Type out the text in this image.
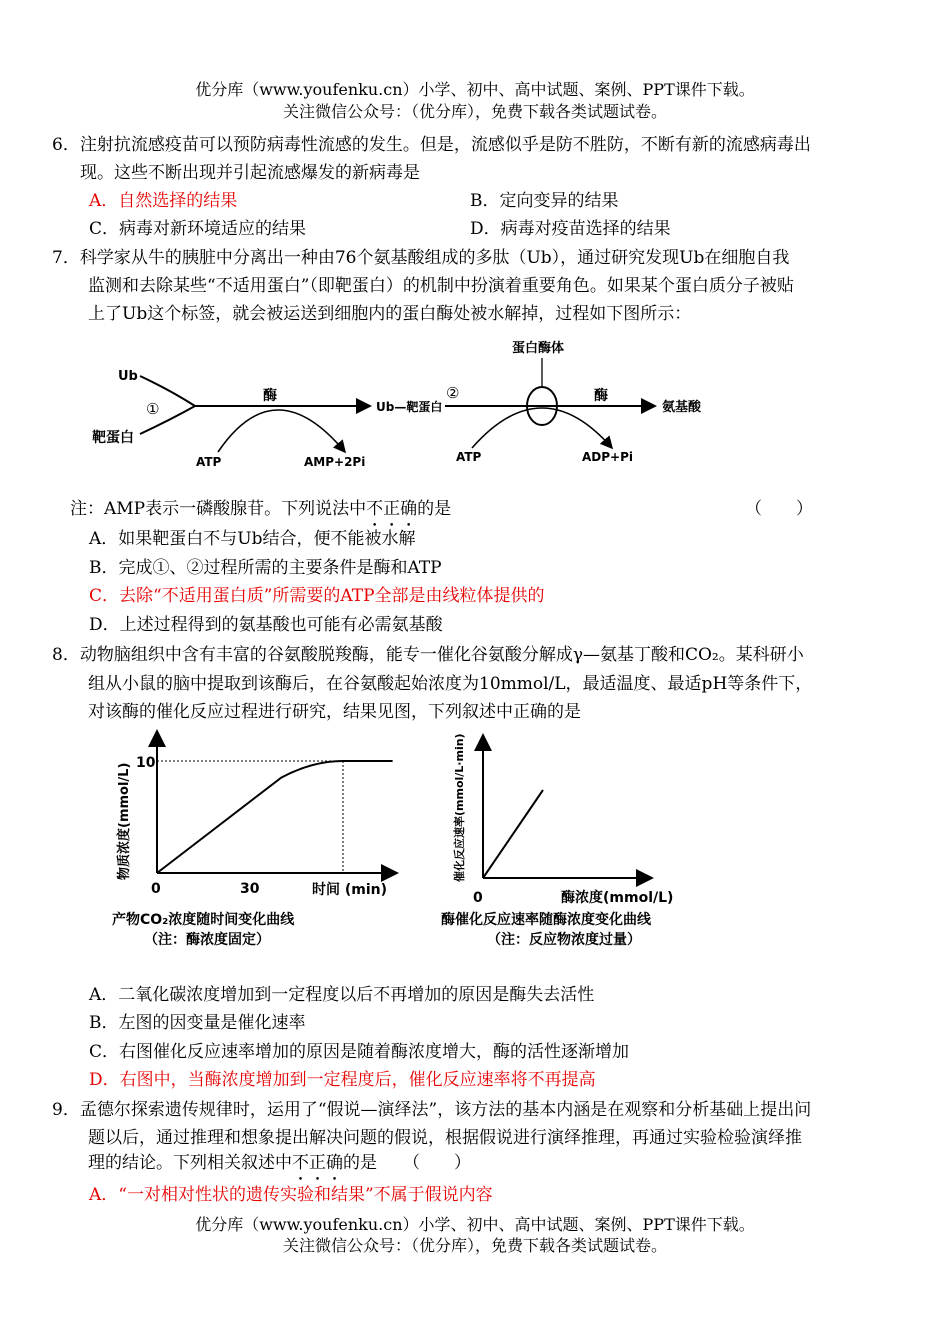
优分库（www.youfenku.cn）小学、初中、高中试题、案例、PPT课件下载。
关注微信公众号：（优分库），免费下载各类试题试卷。
6．注射抗流感疫苗可以预防病毒性流感的发生。但是，流感似乎是防不胜防，不断有新的流感病毒出
现。这些不断出现并引起流感爆发的新病毒是
A．自然选择的结果	B．定向变异的结果
C．病毒对新环境适应的结果	D．病毒对疫苗选择的结果
7．科学家从牛的胰脏中分离出一种由76个氨基酸组成的多肽（Ub），通过研究发现Ub在细胞自我
监测和去除某些“不适用蛋白”（即靶蛋白）的机制中扮演着重要角色。如果某个蛋白质分子被贴
上了Ub这个标签，就会被运送到细胞内的蛋白酶处被水解掉，过程如下图所示：
Ub
靶蛋白
①
酶
ATP	AMP+2Pi
Ub—靶蛋白
②
蛋白酶体
酶
氨基酸
ATP	ADP+Pi
注：AMP表示一磷酸腺苷。下列说法中不正确的是	（　　）
A．如果靶蛋白不与Ub结合，便不能被水解
B．完成①、②过程所需的主要条件是酶和ATP
C．去除“不适用蛋白质”所需要的ATP全部是由线粒体提供的
D．上述过程得到的氨基酸也可能有必需氨基酸
8．动物脑组织中含有丰富的谷氨酸脱羧酶，能专一催化谷氨酸分解成γ—氨基丁酸和CO₂。某科研小
组从小鼠的脑中提取到该酶后，在谷氨酸起始浓度为10mmol/L，最适温度、最适pH等条件下，
对该酶的催化反应过程进行研究，结果见图，下列叙述中正确的是
10
0	30	时间 (min)
物质浓度(mmol/L)
产物CO₂浓度随时间变化曲线
（注：酶浓度固定）
0	酶浓度(mmol/L)
催化反应速率(mmol/L·min)
酶催化反应速率随酶浓度变化曲线
（注：反应物浓度过量）
A．二氧化碳浓度增加到一定程度以后不再增加的原因是酶失去活性
B．左图的因变量是催化速率
C．右图催化反应速率增加的原因是随着酶浓度增大，酶的活性逐渐增加
D．右图中，当酶浓度增加到一定程度后，催化反应速率将不再提高
9．孟德尔探索遗传规律时，运用了“假说—演绎法”，该方法的基本内涵是在观察和分析基础上提出问
题以后，通过推理和想象提出解决问题的假说，根据假说进行演绎推理，再通过实验检验演绎推
理的结论。下列相关叙述中不正确的是 （　　）
A．“一对相对性状的遗传实验和结果”不属于假说内容
优分库（www.youfenku.cn）小学、初中、高中试题、案例、PPT课件下载。
关注微信公众号：（优分库），免费下载各类试题试卷。
